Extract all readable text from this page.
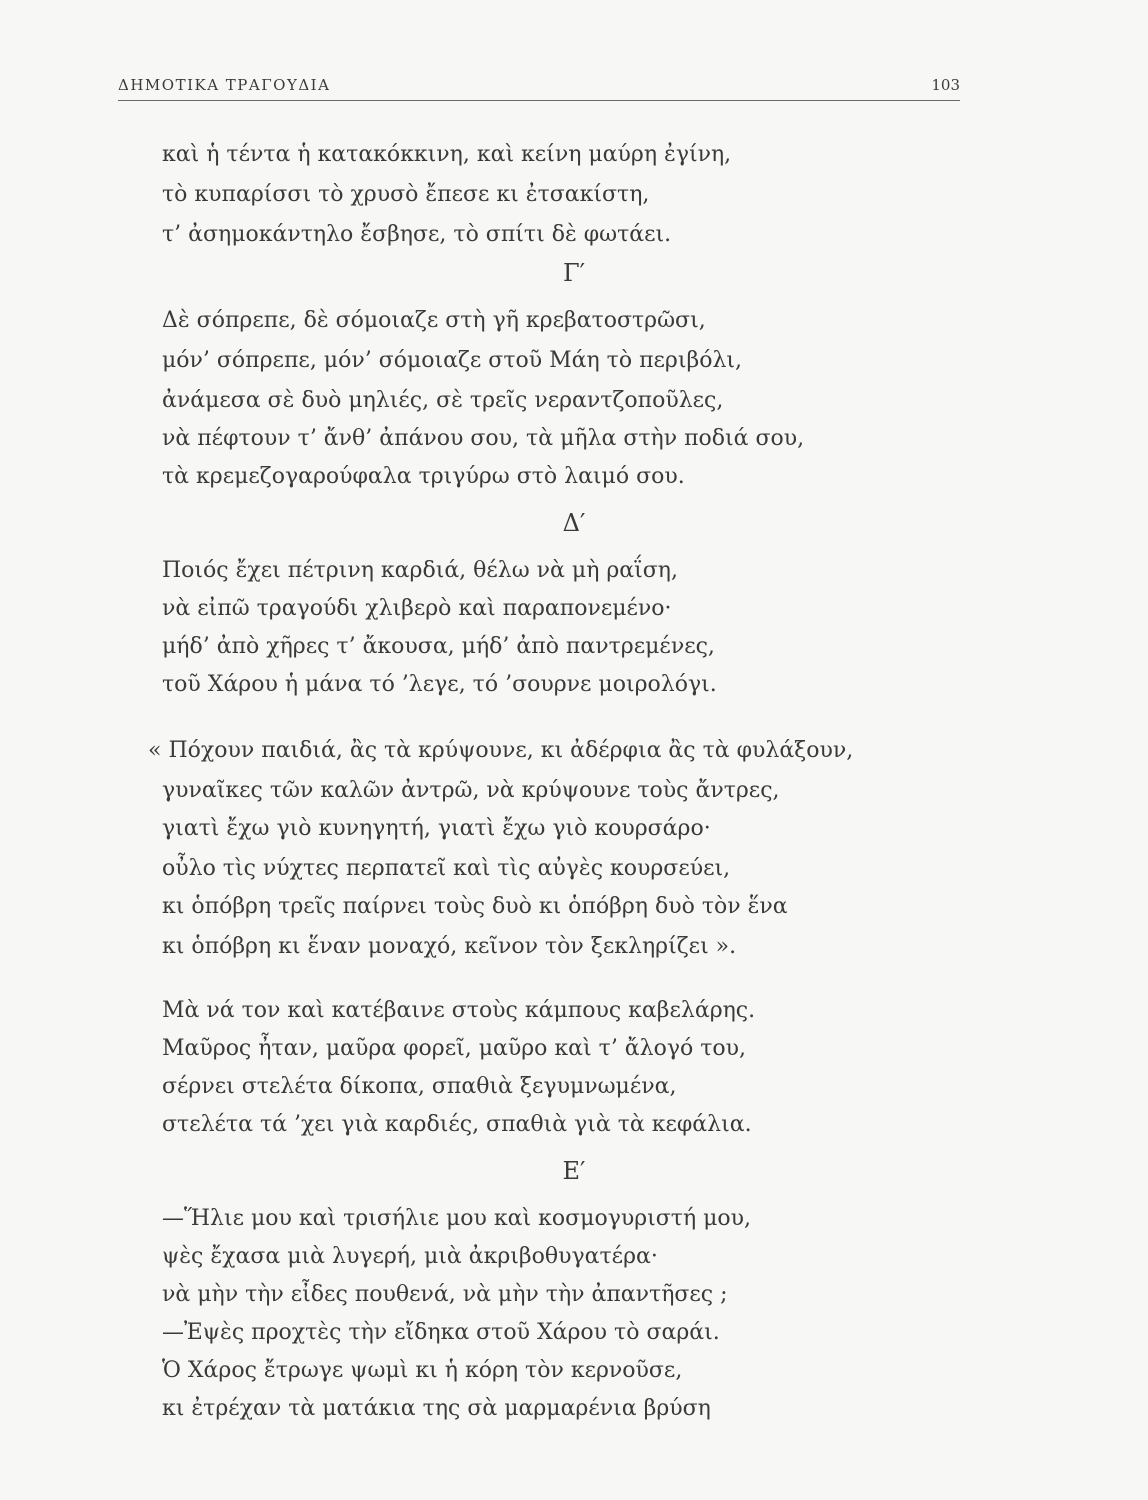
ΔΗΜΟΤΙΚΑ ΤΡΑΓΟΥΔΙΑ	103
καὶ ἡ τέντα ἡ κατακόκκινη, καὶ κείνη μαύρη ἐγίνη,
τὸ κυπαρίσσι τὸ χρυσὸ ἔπεσε κι ἐτσακίστη,
τ’ ἀσημοκάντηλο ἔσβησε, τὸ σπίτι δὲ φωτάει.
Γ′
Δὲ σόπρεπε, δὲ σόμοιαζε στὴ γῆ κρεβατοστρῶσι,
μόν’ σόπρεπε, μόν’ σόμοιαζε στοῦ Μάη τὸ περιβόλι,
ἀνάμεσα σὲ δυὸ μηλιές, σὲ τρεῖς νεραντζοποῦλες,
νὰ πέφτουν τ’ ἄνθ’ ἀπάνου σου, τὰ μῆλα στὴν ποδιά σου,
τὰ κρεμεζογαρούφαλα τριγύρω στὸ λαιμό σου.
Δ′
Ποιός ἔχει πέτρινη καρδιά, θέλω νὰ μὴ ραΐση,
νὰ εἰπῶ τραγούδι χλιβερὸ καὶ παραπονεμένο·
μήδ’ ἀπὸ χῆρες τ’ ἄκουσα, μήδ’ ἀπὸ παντρεμένες,
τοῦ Χάρου ἡ μάνα τό ’λεγε, τό ’σουρνε μοιρολόγι.
« Πόχουν παιδιά, ἂς τὰ κρύψουνε, κι ἀδέρφια ἂς τὰ φυλάξουν,
γυναῖκες τῶν καλῶν ἀντρῶ, νὰ κρύψουνε τοὺς ἄντρες,
γιατὶ ἔχω γιὸ κυνηγητή, γιατὶ ἔχω γιὸ κουρσάρο·
οὖλο τὶς νύχτες περπατεῖ καὶ τὶς αὐγὲς κουρσεύει,
κι ὁπόβρη τρεῖς παίρνει τοὺς δυὸ κι ὁπόβρη δυὸ τὸν ἕνα
κι ὁπόβρη κι ἕναν μοναχό, κεῖνον τὸν ξεκληρίζει ».
Μὰ νά τον καὶ κατέβαινε στοὺς κάμπους καβελάρης.
Μαῦρος ἦταν, μαῦρα φορεῖ, μαῦρο καὶ τ’ ἄλογό του,
σέρνει στελέτα δίκοπα, σπαθιὰ ξεγυμνωμένα,
στελέτα τά ’χει γιὰ καρδιές, σπαθιὰ γιὰ τὰ κεφάλια.
Ε′
—Ἥλιε μου καὶ τρισήλιε μου καὶ κοσμογυριστή μου,
ψὲς ἔχασα μιὰ λυγερή, μιὰ ἀκριβοθυγατέρα·
νὰ μὴν τὴν εἶδες πουθενά, νὰ μὴν τὴν ἀπαντῆσες ;
—Ἐψὲς προχτὲς τὴν εἴδηκα στοῦ Χάρου τὸ σαράι.
Ὁ Χάρος ἔτρωγε ψωμὶ κι ἡ κόρη τὸν κερνοῦσε,
κι ἐτρέχαν τὰ ματάκια της σὰ μαρμαρένια βρύση
